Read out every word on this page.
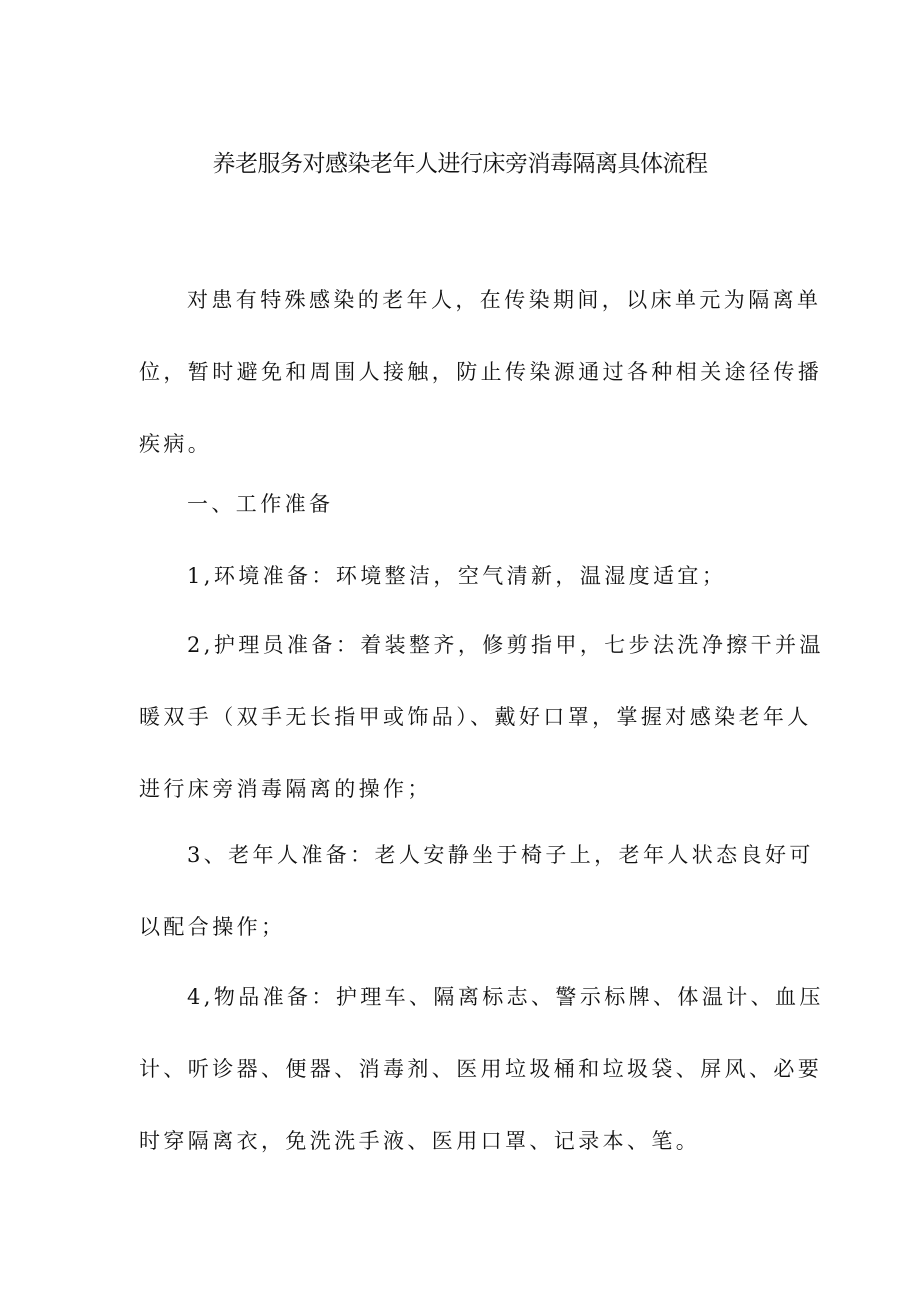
养老服务对感染老年人进行床旁消毒隔离具体流程
对患有特殊感染的老年人，在传染期间，以床单元为隔离单
位，暂时避免和周围人接触，防止传染源通过各种相关途径传播
疾病。
一、工作准备
1,环境准备：环境整洁，空气清新，温湿度适宜；
2,护理员准备：着装整齐，修剪指甲，七步法洗净擦干并温
暖双手（双手无长指甲或饰品）、戴好口罩，掌握对感染老年人
进行床旁消毒隔离的操作；
3、老年人准备：老人安静坐于椅子上，老年人状态良好可
以配合操作；
4,物品准备：护理车、隔离标志、警示标牌、体温计、血压
计、听诊器、便器、消毒剂、医用垃圾桶和垃圾袋、屏风、必要
时穿隔离衣，免洗洗手液、医用口罩、记录本、笔。
